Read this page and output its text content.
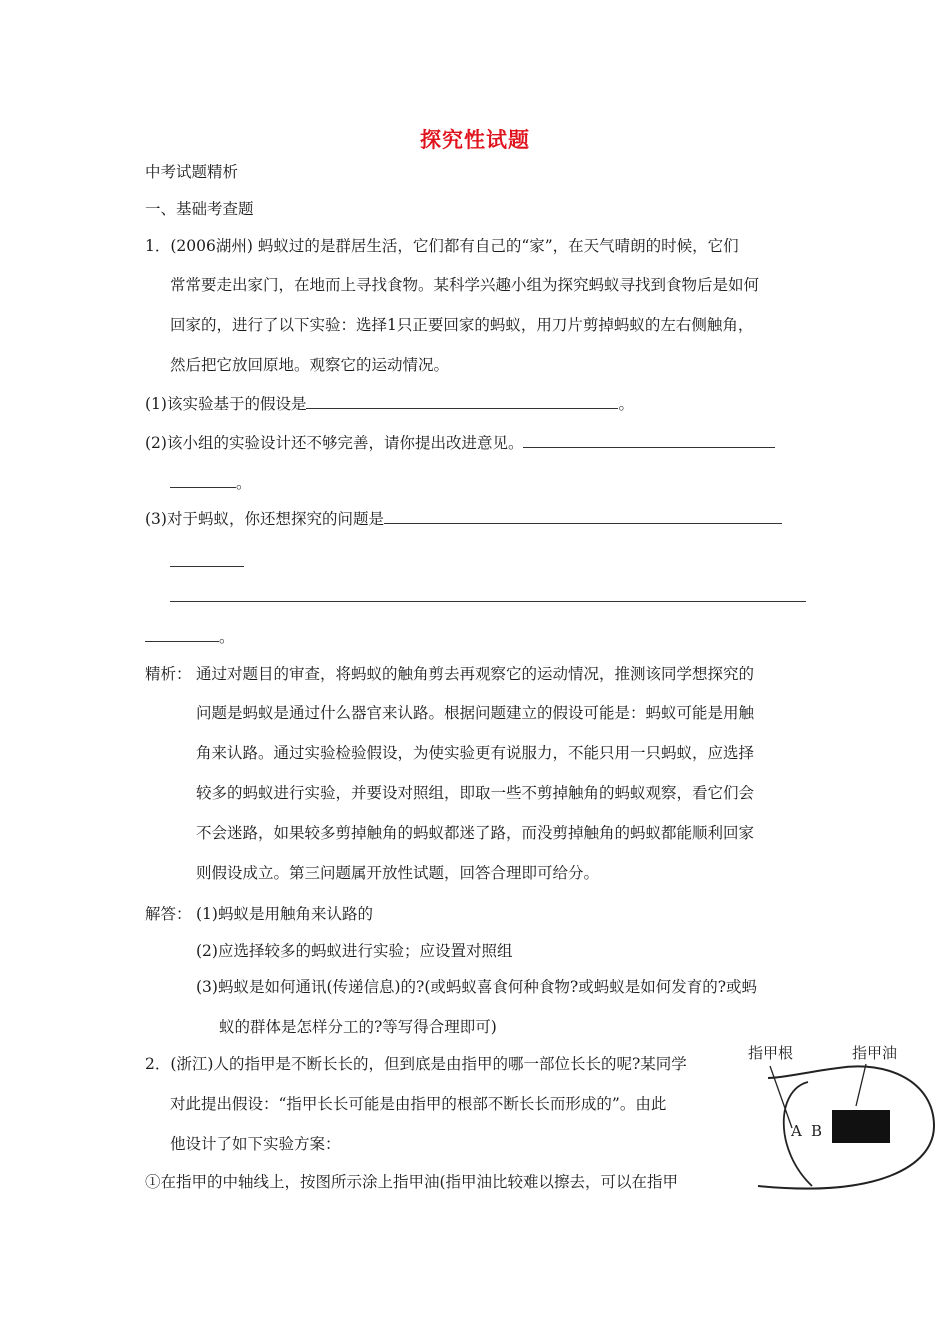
探究性试题
中考试题精析
一、基础考查题
1．(2006湖州) 蚂蚁过的是群居生活，它们都有自己的“家”，在天气晴朗的时候，它们
常常要走出家门，在地而上寻找食物。某科学兴趣小组为探究蚂蚁寻找到食物后是如何
回家的，进行了以下实验：选择1只正要回家的蚂蚁，用刀片剪掉蚂蚁的左右侧触角，
然后把它放回原地。观察它的运动情况。
(1)该实验基于的假设是	。
(2)该小组的实验设计还不够完善，请你提出改进意见。
。
(3)对于蚂蚁，你还想探究的问题是
。
精析： 通过对题目的审查，将蚂蚁的触角剪去再观察它的运动情况，推测该同学想探究的
问题是蚂蚁是通过什么器官来认路。根据问题建立的假设可能是：蚂蚁可能是用触
角来认路。通过实验检验假设，为使实验更有说服力，不能只用一只蚂蚁，应选择
较多的蚂蚁进行实验，并要设对照组，即取一些不剪掉触角的蚂蚁观察，看它们会
不会迷路，如果较多剪掉触角的蚂蚁都迷了路，而没剪掉触角的蚂蚁都能顺利回家
则假设成立。第三问题属开放性试题，回答合理即可给分。
解答： (1)蚂蚁是用触角来认路的
(2)应选择较多的蚂蚁进行实验；应设置对照组
(3)蚂蚁是如何通讯(传递信息)的?(或蚂蚁喜食何种食物?或蚂蚁是如何发育的?或蚂
蚁的群体是怎样分工的?等写得合理即可)
2．(浙江)人的指甲是不断长长的，但到底是由指甲的哪一部位长长的呢?某同学
对此提出假设：“指甲长长可能是由指甲的根部不断长长而形成的”。由此
他设计了如下实验方案：
①在指甲的中轴线上，按图所示涂上指甲油(指甲油比较难以擦去，可以在指甲
指甲根	指甲油
A B
